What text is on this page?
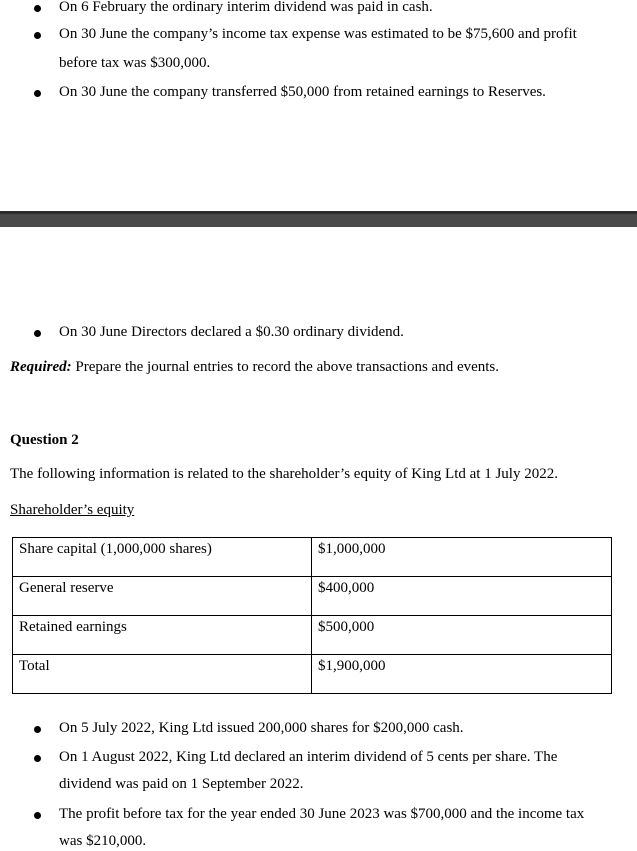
On 6 February the ordinary interim dividend was paid in cash.
On 30 June the company’s income tax expense was estimated to be $75,600 and profit
before tax was $300,000.
On 30 June the company transferred $50,000 from retained earnings to Reserves.
On 30 June Directors declared a $0.30 ordinary dividend.
Required: Prepare the journal entries to record the above transactions and events.
Question 2
The following information is related to the shareholder’s equity of King Ltd at 1 July 2022.
Shareholder’s equity
Share capital (1,000,000 shares)	$1,000,000
General reserve	$400,000
Retained earnings	$500,000
Total	$1,900,000
On 5 July 2022, King Ltd issued 200,000 shares for $200,000 cash.
On 1 August 2022, King Ltd declared an interim dividend of 5 cents per share. The
dividend was paid on 1 September 2022.
The profit before tax for the year ended 30 June 2023 was $700,000 and the income tax
was $210,000.
